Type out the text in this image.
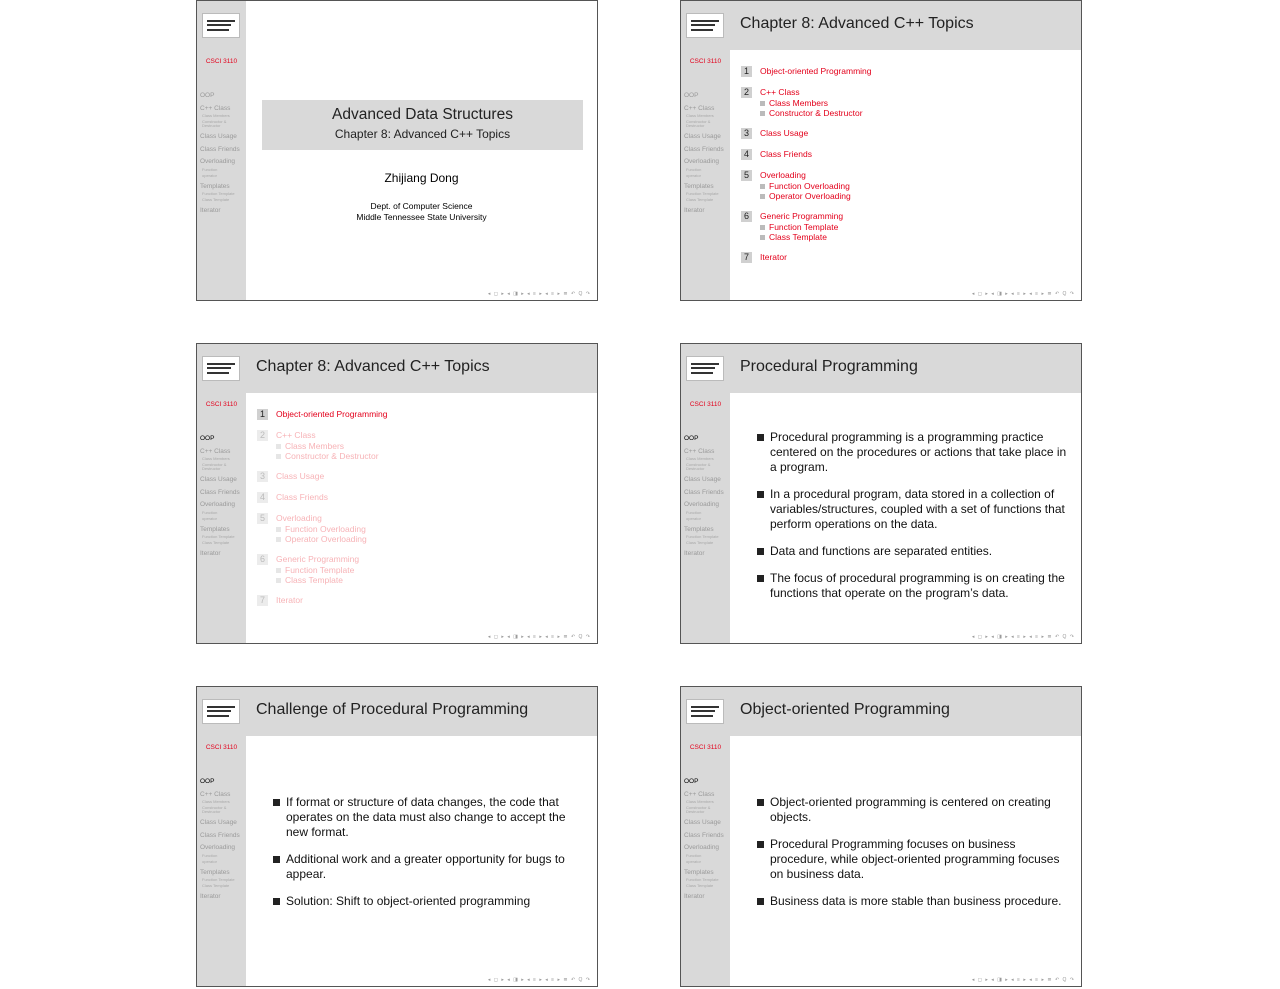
CSCI 3110
OOP
C++ Class
Class Members
Constructor & Destructor
Class Usage
Class Friends
Overloading
Function
operator
Templates
Function Template
Class Template
Iterator
Advanced Data Structures
Chapter 8: Advanced C++ Topics
Zhijiang Dong
Dept. of Computer Science
Middle Tennessee State University
◂ ◻ ▸ ◂ ◨ ▸ ◂ ≡ ▸ ◂ ≡ ▸ ≣ ↶ Q ↷
CSCI 3110
OOP
C++ Class
Class Members
Constructor & Destructor
Class Usage
Class Friends
Overloading
Function
operator
Templates
Function Template
Class Template
Iterator
Chapter 8: Advanced C++ Topics
1	Object-oriented Programming
2	C++ Class
Class Members
Constructor & Destructor
3	Class Usage
4	Class Friends
5	Overloading
Function Overloading
Operator Overloading
6	Generic Programming
Function Template
Class Template
7	Iterator
◂ ◻ ▸ ◂ ◨ ▸ ◂ ≡ ▸ ◂ ≡ ▸ ≣ ↶ Q ↷
CSCI 3110
OOP
C++ Class
Class Members
Constructor & Destructor
Class Usage
Class Friends
Overloading
Function
operator
Templates
Function Template
Class Template
Iterator
Chapter 8: Advanced C++ Topics
1	Object-oriented Programming
2	C++ Class
Class Members
Constructor & Destructor
3	Class Usage
4	Class Friends
5	Overloading
Function Overloading
Operator Overloading
6	Generic Programming
Function Template
Class Template
7	Iterator
◂ ◻ ▸ ◂ ◨ ▸ ◂ ≡ ▸ ◂ ≡ ▸ ≣ ↶ Q ↷
CSCI 3110
OOP
C++ Class
Class Members
Constructor & Destructor
Class Usage
Class Friends
Overloading
Function
operator
Templates
Function Template
Class Template
Iterator
Procedural Programming
Procedural programming is a programming practice centered on the procedures or actions that take place in a program.
In a procedural program, data stored in a collection of variables/structures, coupled with a set of functions that perform operations on the data.
Data and functions are separated entities.
The focus of procedural programming is on creating the functions that operate on the program’s data.
◂ ◻ ▸ ◂ ◨ ▸ ◂ ≡ ▸ ◂ ≡ ▸ ≣ ↶ Q ↷
CSCI 3110
OOP
C++ Class
Class Members
Constructor & Destructor
Class Usage
Class Friends
Overloading
Function
operator
Templates
Function Template
Class Template
Iterator
Challenge of Procedural Programming
If format or structure of data changes, the code that operates on the data must also change to accept the new format.
Additional work and a greater opportunity for bugs to appear.
Solution: Shift to object-oriented programming
◂ ◻ ▸ ◂ ◨ ▸ ◂ ≡ ▸ ◂ ≡ ▸ ≣ ↶ Q ↷
CSCI 3110
OOP
C++ Class
Class Members
Constructor & Destructor
Class Usage
Class Friends
Overloading
Function
operator
Templates
Function Template
Class Template
Iterator
Object-oriented Programming
Object-oriented programming is centered on creating objects.
Procedural Programming focuses on business procedure, while object-oriented programming focuses on business data.
Business data is more stable than business procedure.
◂ ◻ ▸ ◂ ◨ ▸ ◂ ≡ ▸ ◂ ≡ ▸ ≣ ↶ Q ↷
